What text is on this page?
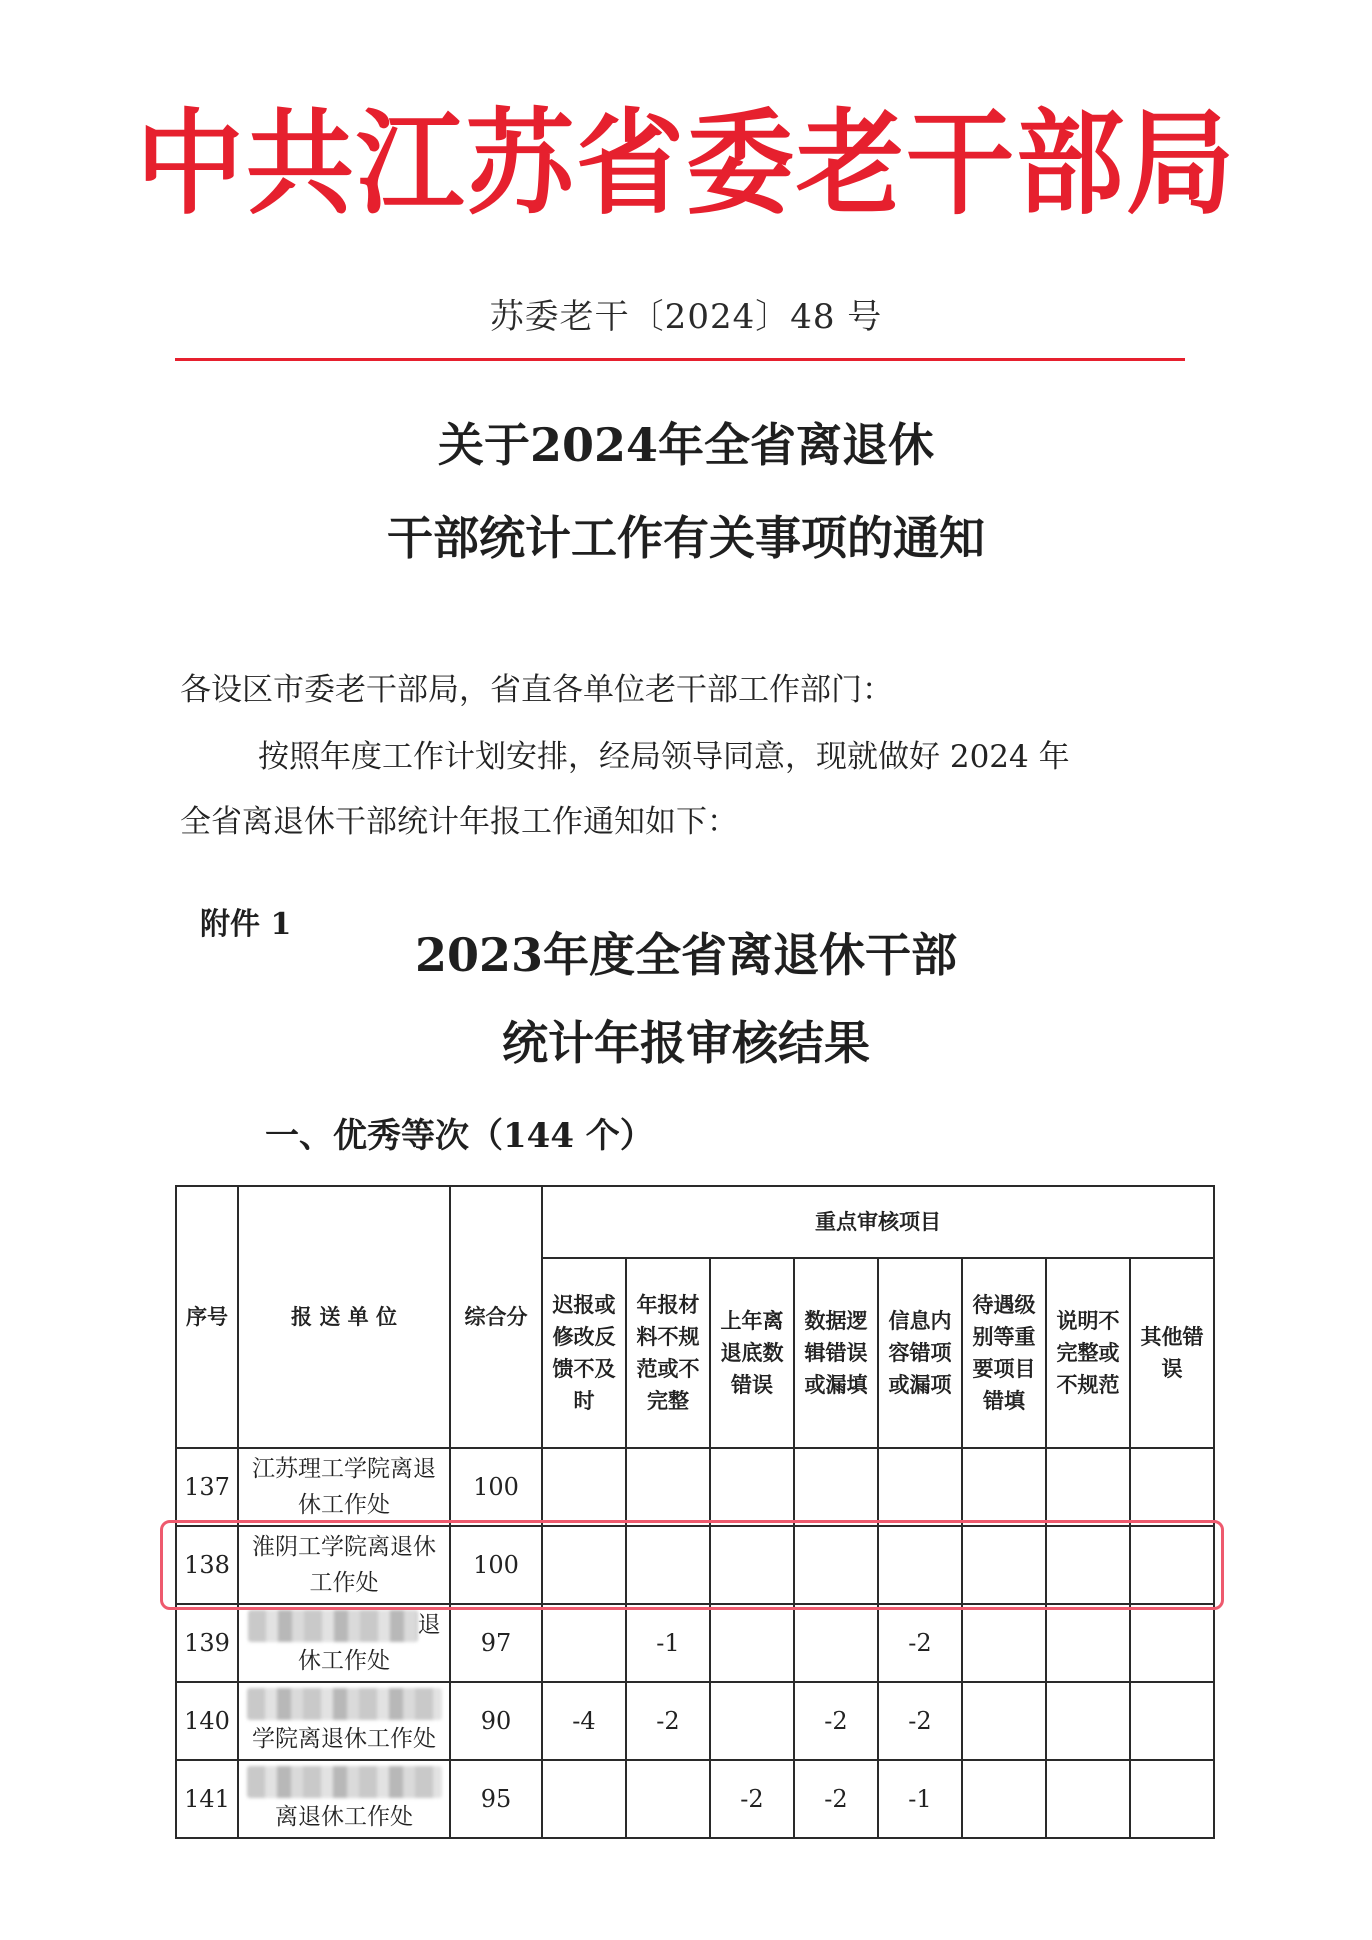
中共江苏省委老干部局
苏委老干〔2024〕48 号
关于2024年全省离退休
干部统计工作有关事项的通知
各设区市委老干部局，省直各单位老干部工作部门：
按照年度工作计划安排，经局领导同意，现就做好 2024 年
全省离退休干部统计年报工作通知如下：
附件 1
2023年度全省离退休干部
统计年报审核结果
一、优秀等次（144 个）
序号	报 送 单 位	综合分	重点审核项目							
			迟报或修改反馈不及时	年报材料不规范或不完整	上年离退底数错误	数据逻辑错误或漏填	信息内容错项或漏项	待遇级别等重要项目错填	说明不完整或不规范	其他错误
137	江苏理工学院离退
休工作处	100								
138	淮阴工学院离退休
工作处	100								
139	退
休工作处	97		-1			-2			
140	学院离退休工作处	90	-4	-2		-2	-2			
141	离退休工作处	95			-2	-2	-1			
